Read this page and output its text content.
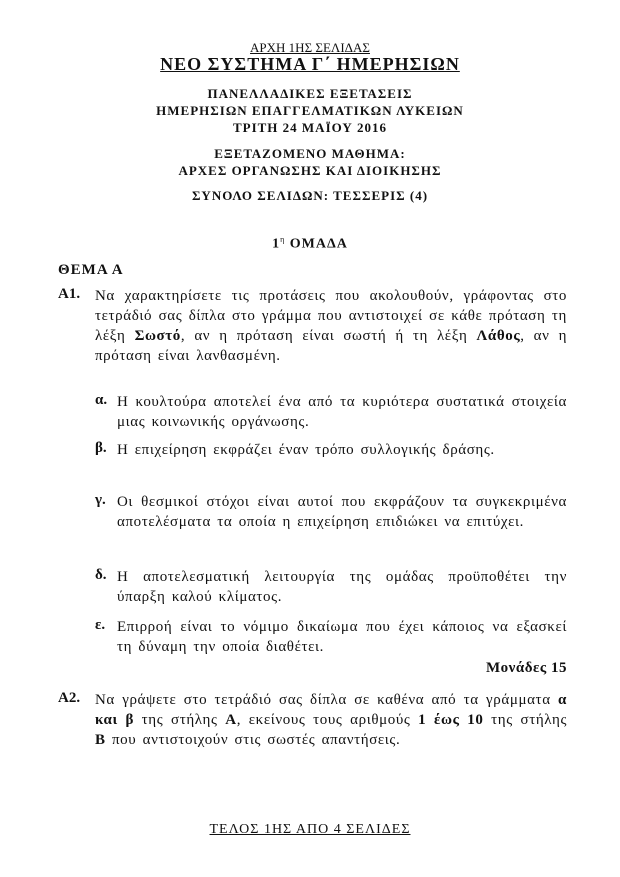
ΑΡΧΗ 1ΗΣ ΣΕΛΙΔΑΣ
ΝΕΟ ΣΥΣΤΗΜΑ Γ΄ ΗΜΕΡΗΣΙΩΝ
ΠΑΝΕΛΛΑΔΙΚΕΣ ΕΞΕΤΑΣΕΙΣ
ΗΜΕΡΗΣΙΩΝ ΕΠΑΓΓΕΛΜΑΤΙΚΩΝ ΛΥΚΕΙΩΝ
ΤΡΙΤΗ 24 ΜΑΪΟΥ 2016
ΕΞΕΤΑΖΟΜΕΝΟ ΜΑΘΗΜΑ:
ΑΡΧΕΣ ΟΡΓΑΝΩΣΗΣ ΚΑΙ ΔΙΟΙΚΗΣΗΣ
ΣΥΝΟΛΟ ΣΕΛΙΔΩΝ: ΤΕΣΣΕΡΙΣ (4)
$1^\eta$ ΟΜΑΔΑ
ΘΕΜΑ Α
Α1. Να χαρακτηρίσετε τις προτάσεις που ακολουθούν, γράφοντας στο τετράδιό σας δίπλα στο γράμμα που αντιστοιχεί σε κάθε πρόταση τη λέξη Σωστό, αν η πρόταση είναι σωστή ή τη λέξη Λάθος, αν η πρόταση είναι λανθασμένη.
α. Η κουλτούρα αποτελεί ένα από τα κυριότερα συστατικά στοιχεία μιας κοινωνικής οργάνωσης.
β. Η επιχείρηση εκφράζει έναν τρόπο συλλογικής δράσης.
γ. Οι θεσμικοί στόχοι είναι αυτοί που εκφράζουν τα συγκεκριμένα αποτελέσματα τα οποία η επιχείρηση επιδιώκει να επιτύχει.
δ. Η αποτελεσματική λειτουργία της ομάδας προϋποθέτει την ύπαρξη καλού κλίματος.
ε. Επιρροή είναι το νόμιμο δικαίωμα που έχει κάποιος να εξασκεί τη δύναμη την οποία διαθέτει.
Μονάδες 15
Α2. Να γράψετε στο τετράδιό σας δίπλα σε καθένα από τα γράμματα α και β της στήλης Α, εκείνους τους αριθμούς 1 έως 10 της στήλης Β που αντιστοιχούν στις σωστές απαντήσεις.
ΤΕΛΟΣ 1ΗΣ ΑΠΟ 4 ΣΕΛΙΔΕΣ
